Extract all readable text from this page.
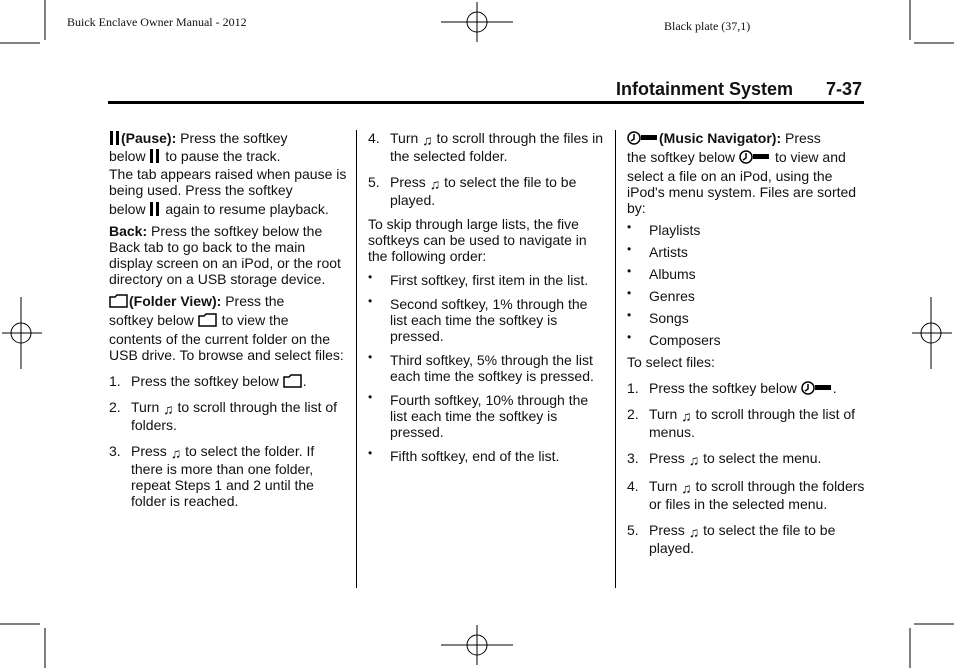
Buick Enclave Owner Manual - 2012	Black plate (37,1)
Infotainment System 7-37

(Pause): Press the softkey
below  to pause the track.

The tab appears raised when pause is being used. Press the softkey

below  again to resume playback.

Back: Press the softkey below the Back tab to go back to the main display screen on an iPod, or the root directory on a USB storage device.

(Folder View): Press the
softkey below  to view the

contents of the current folder on the USB drive. To browse and select files:

1. Press the softkey below .
2. Turn ♫ to scroll through the list of folders.
3. Press ♫ to select the folder. If there is more than one folder, repeat Steps 1 and 2 until the folder is reached.
4. Turn ♫ to scroll through the files in the selected folder.
5. Press ♫ to select the file to be played.

To skip through large lists, the five softkeys can be used to navigate in the following order:

• First softkey, first item in the list.
• Second softkey, 1% through the list each time the softkey is pressed.
• Third softkey, 5% through the list each time the softkey is pressed.
• Fourth softkey, 10% through the list each time the softkey is pressed.
• Fifth softkey, end of the list.

(Music Navigator): Press
the softkey below  to view and

select a file on an iPod, using the iPod's menu system. Files are sorted by:

• Playlists
• Artists
• Albums
• Genres
• Songs
• Composers

To select files:

1. Press the softkey below .
2. Turn ♫ to scroll through the list of menus.
3. Press ♫ to select the menu.
4. Turn ♫ to scroll through the folders or files in the selected menu.
5. Press ♫ to select the file to be played.
